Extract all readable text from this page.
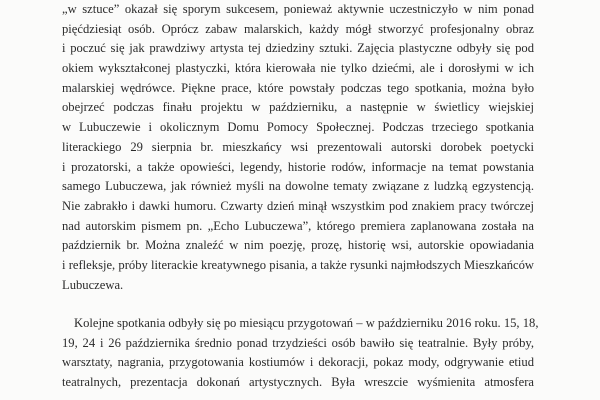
„w sztuce” okazał się sporym sukcesem, ponieważ aktywnie uczestniczyło w nim ponad
pięćdziesiąt osób. Oprócz zabaw malarskich, każdy mógł stworzyć profesjonalny obraz
i poczuć się jak prawdziwy artysta tej dziedziny sztuki. Zajęcia plastyczne odbyły się pod
okiem wykształconej plastyczki, która kierowała nie tylko dziećmi, ale i dorosłymi w ich
malarskiej wędrówce. Piękne prace, które powstały podczas tego spotkania, można było
obejrzeć podczas finału projektu w październiku, a następnie w świetlicy wiejskiej
w Lubuczewie i okolicznym Domu Pomocy Społecznej. Podczas trzeciego spotkania
literackiego 29 sierpnia br. mieszkańcy wsi prezentowali autorski dorobek poetycki
i prozatorski, a także opowieści, legendy, historie rodów, informacje na temat powstania
samego Lubuczewa, jak również myśli na dowolne tematy związane z ludzką egzystencją.
Nie zabrakło i dawki humoru. Czwarty dzień minął wszystkim pod znakiem pracy twórczej
nad autorskim pismem pn. „Echo Lubuczewa”, którego premiera zaplanowana została na
październik br. Można znaleźć w nim poezję, prozę, historię wsi, autorskie opowiadania
i refleksje, próby literackie kreatywnego pisania, a także rysunki najmłodszych Mieszkańców
Lubuczewa.
Kolejne spotkania odbyły się po miesiącu przygotowań – w październiku 2016 roku. 15, 18,
19, 24 i 26 października średnio ponad trzydzieści osób bawiło się teatralnie. Były próby,
warsztaty, nagrania, przygotowania kostiumów i dekoracji, pokaz mody, odgrywanie etiud
teatralnych, prezentacja dokonań artystycznych. Była wreszcie wyśmienita atmosfera
